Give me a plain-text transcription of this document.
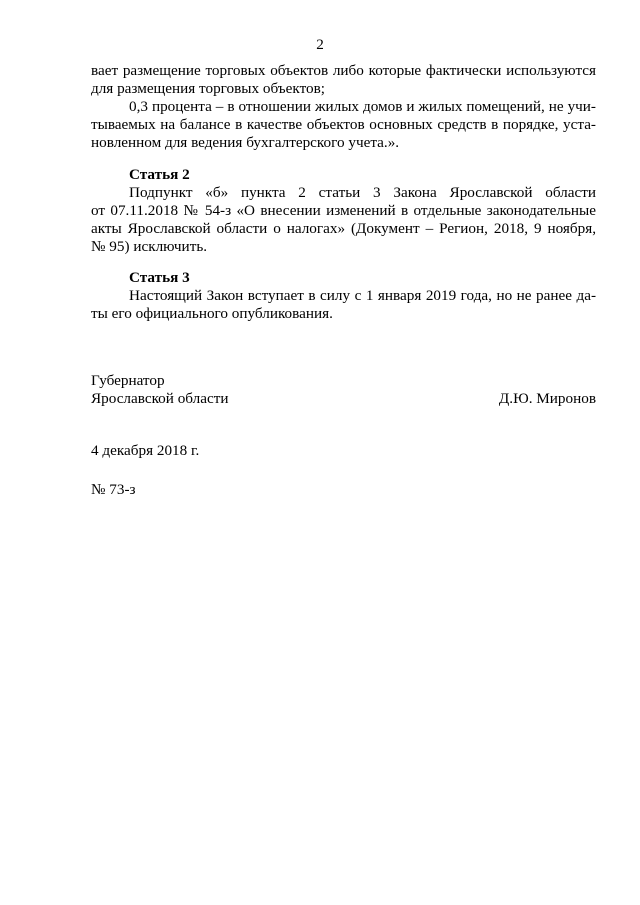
2
вает размещение торговых объектов либо которые фактически используются
для размещения торговых объектов;
0,3 процента – в отношении жилых домов и жилых помещений, не учи-
тываемых на балансе в качестве объектов основных средств в порядке, уста-
новленном для ведения бухгалтерского учета.».
Статья 2
Подпункт «б» пункта 2 статьи 3 Закона Ярославской области
от 07.11.2018 № 54-з «О внесении изменений в отдельные законодательные
акты Ярославской области о налогах» (Документ – Регион, 2018, 9 ноября,
№ 95) исключить.
Статья 3
Настоящий Закон вступает в силу с 1 января 2019 года, но не ранее да-
ты его официального опубликования.
Губернатор
Ярославской области	Д.Ю. Миронов
4 декабря 2018 г.
№ 73-з
